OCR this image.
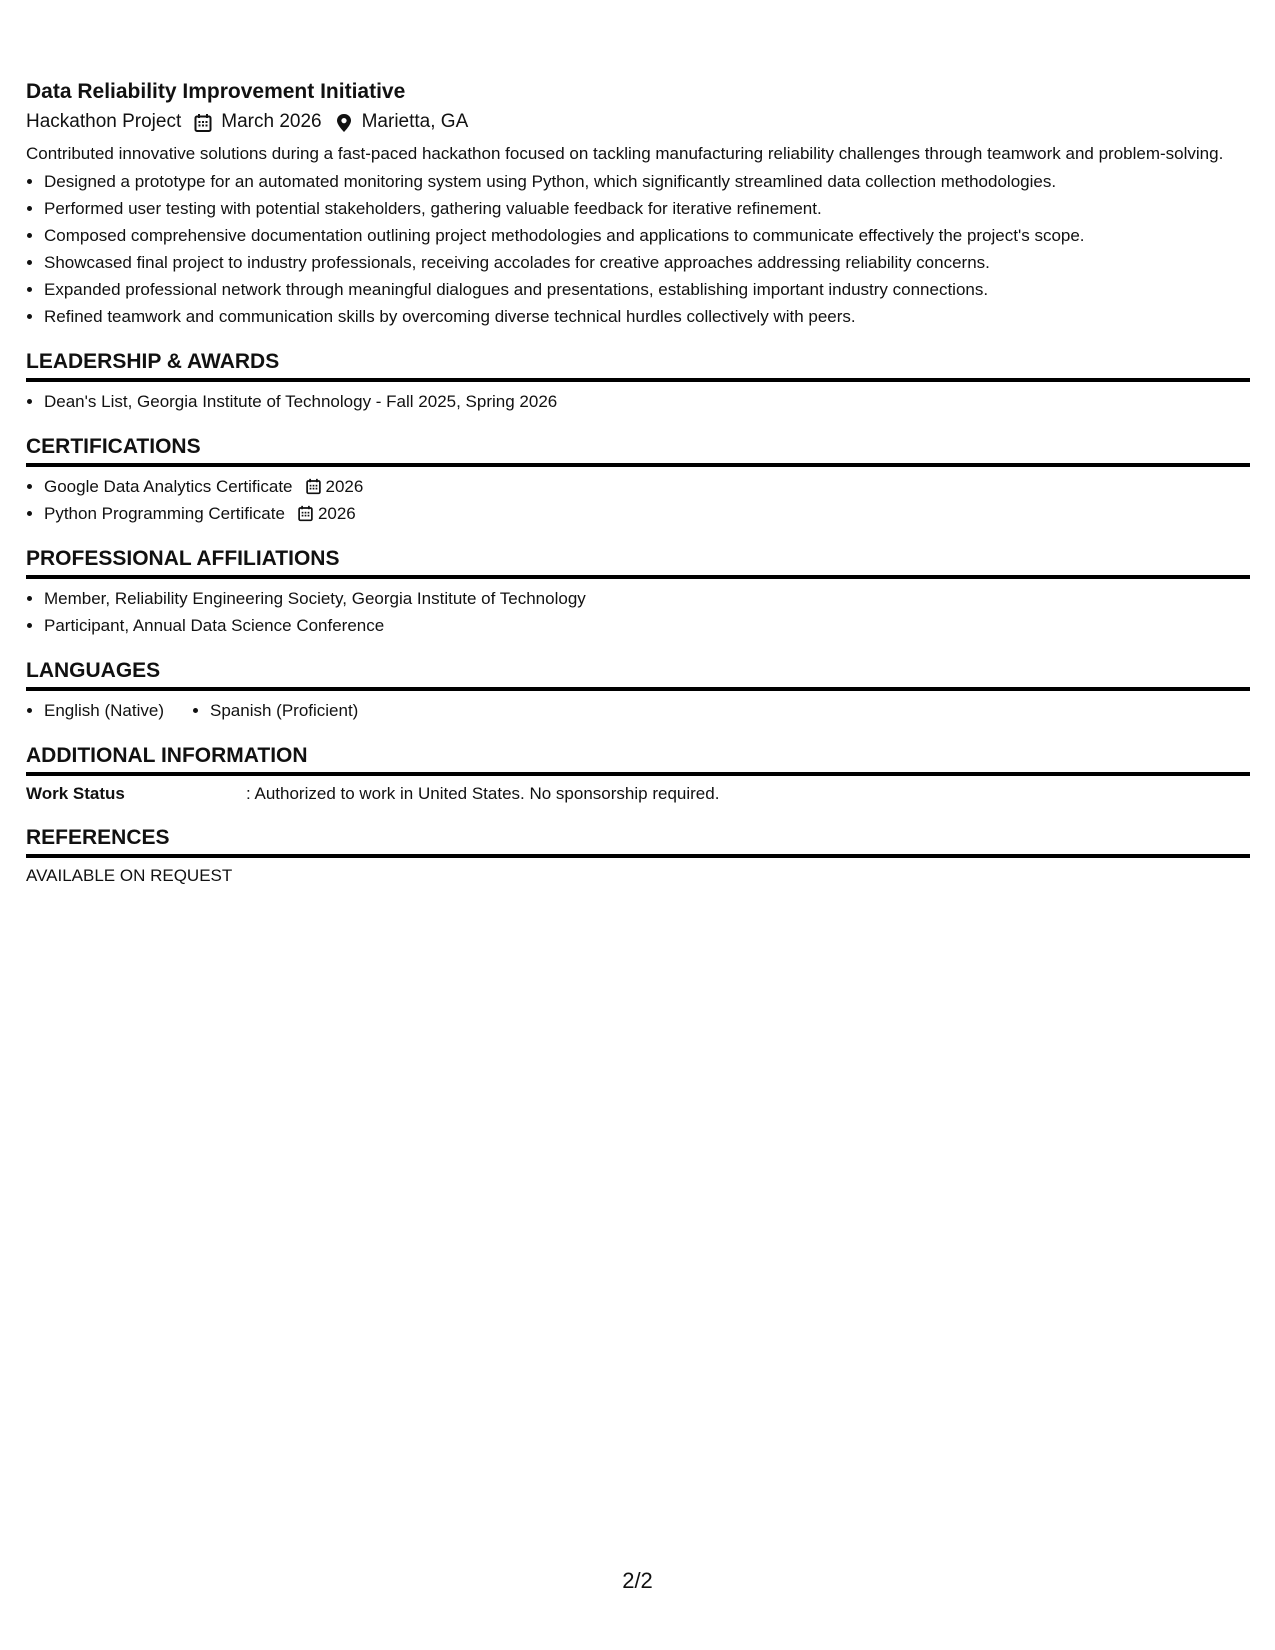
Data Reliability Improvement Initiative
Hackathon Project March 2026 Marietta, GA
Contributed innovative solutions during a fast-paced hackathon focused on tackling manufacturing reliability challenges through teamwork and problem-solving.
• Designed a prototype for an automated monitoring system using Python, which significantly streamlined data collection methodologies.
• Performed user testing with potential stakeholders, gathering valuable feedback for iterative refinement.
• Composed comprehensive documentation outlining project methodologies and applications to communicate effectively the project's scope.
• Showcased final project to industry professionals, receiving accolades for creative approaches addressing reliability concerns.
• Expanded professional network through meaningful dialogues and presentations, establishing important industry connections.
• Refined teamwork and communication skills by overcoming diverse technical hurdles collectively with peers.
LEADERSHIP & AWARDS
• Dean's List, Georgia Institute of Technology - Fall 2025, Spring 2026
CERTIFICATIONS
• Google Data Analytics Certificate 2026
• Python Programming Certificate 2026
PROFESSIONAL AFFILIATIONS
• Member, Reliability Engineering Society, Georgia Institute of Technology
• Participant, Annual Data Science Conference
LANGUAGES
• English (Native)
•	Spanish (Proficient)
ADDITIONAL INFORMATION
Work Status	: Authorized to work in United States. No sponsorship required.
REFERENCES
AVAILABLE ON REQUEST
2/2
